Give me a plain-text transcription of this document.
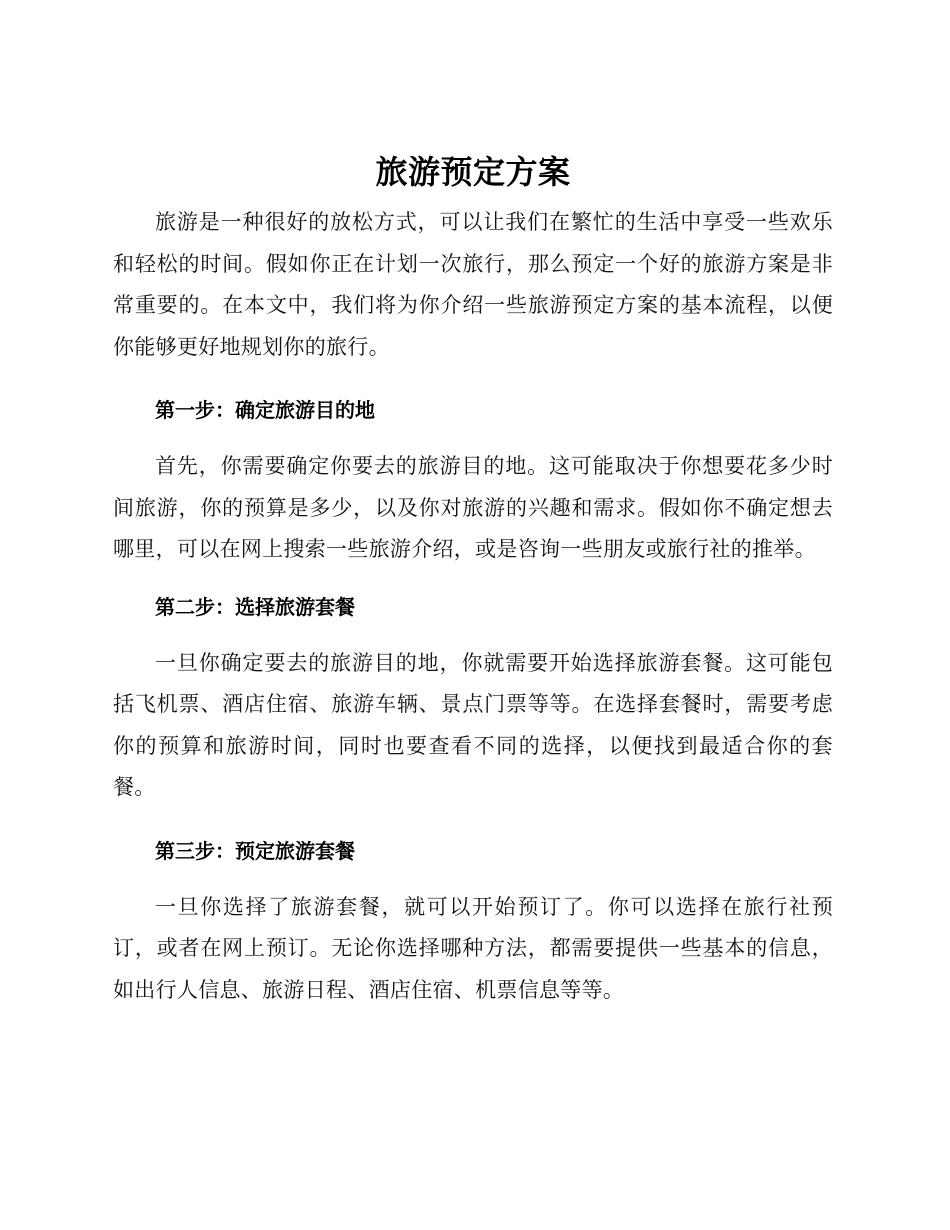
旅游预定方案

旅游是一种很好的放松方式，可以让我们在繁忙的生活中享受一些欢乐和轻松的时间。假如你正在计划一次旅行，那么预定一个好的旅游方案是非常重要的。在本文中，我们将为你介绍一些旅游预定方案的基本流程，以便你能够更好地规划你的旅行。

第一步：确定旅游目的地

首先，你需要确定你要去的旅游目的地。这可能取决于你想要花多少时间旅游，你的预算是多少，以及你对旅游的兴趣和需求。假如你不确定想去哪里，可以在网上搜索一些旅游介绍，或是咨询一些朋友或旅行社的推举。

第二步：选择旅游套餐

一旦你确定要去的旅游目的地，你就需要开始选择旅游套餐。这可能包括飞机票、酒店住宿、旅游车辆、景点门票等等。在选择套餐时，需要考虑你的预算和旅游时间，同时也要查看不同的选择，以便找到最适合你的套餐。

第三步：预定旅游套餐

一旦你选择了旅游套餐，就可以开始预订了。你可以选择在旅行社预订，或者在网上预订。无论你选择哪种方法，都需要提供一些基本的信息，如出行人信息、旅游日程、酒店住宿、机票信息等等。
